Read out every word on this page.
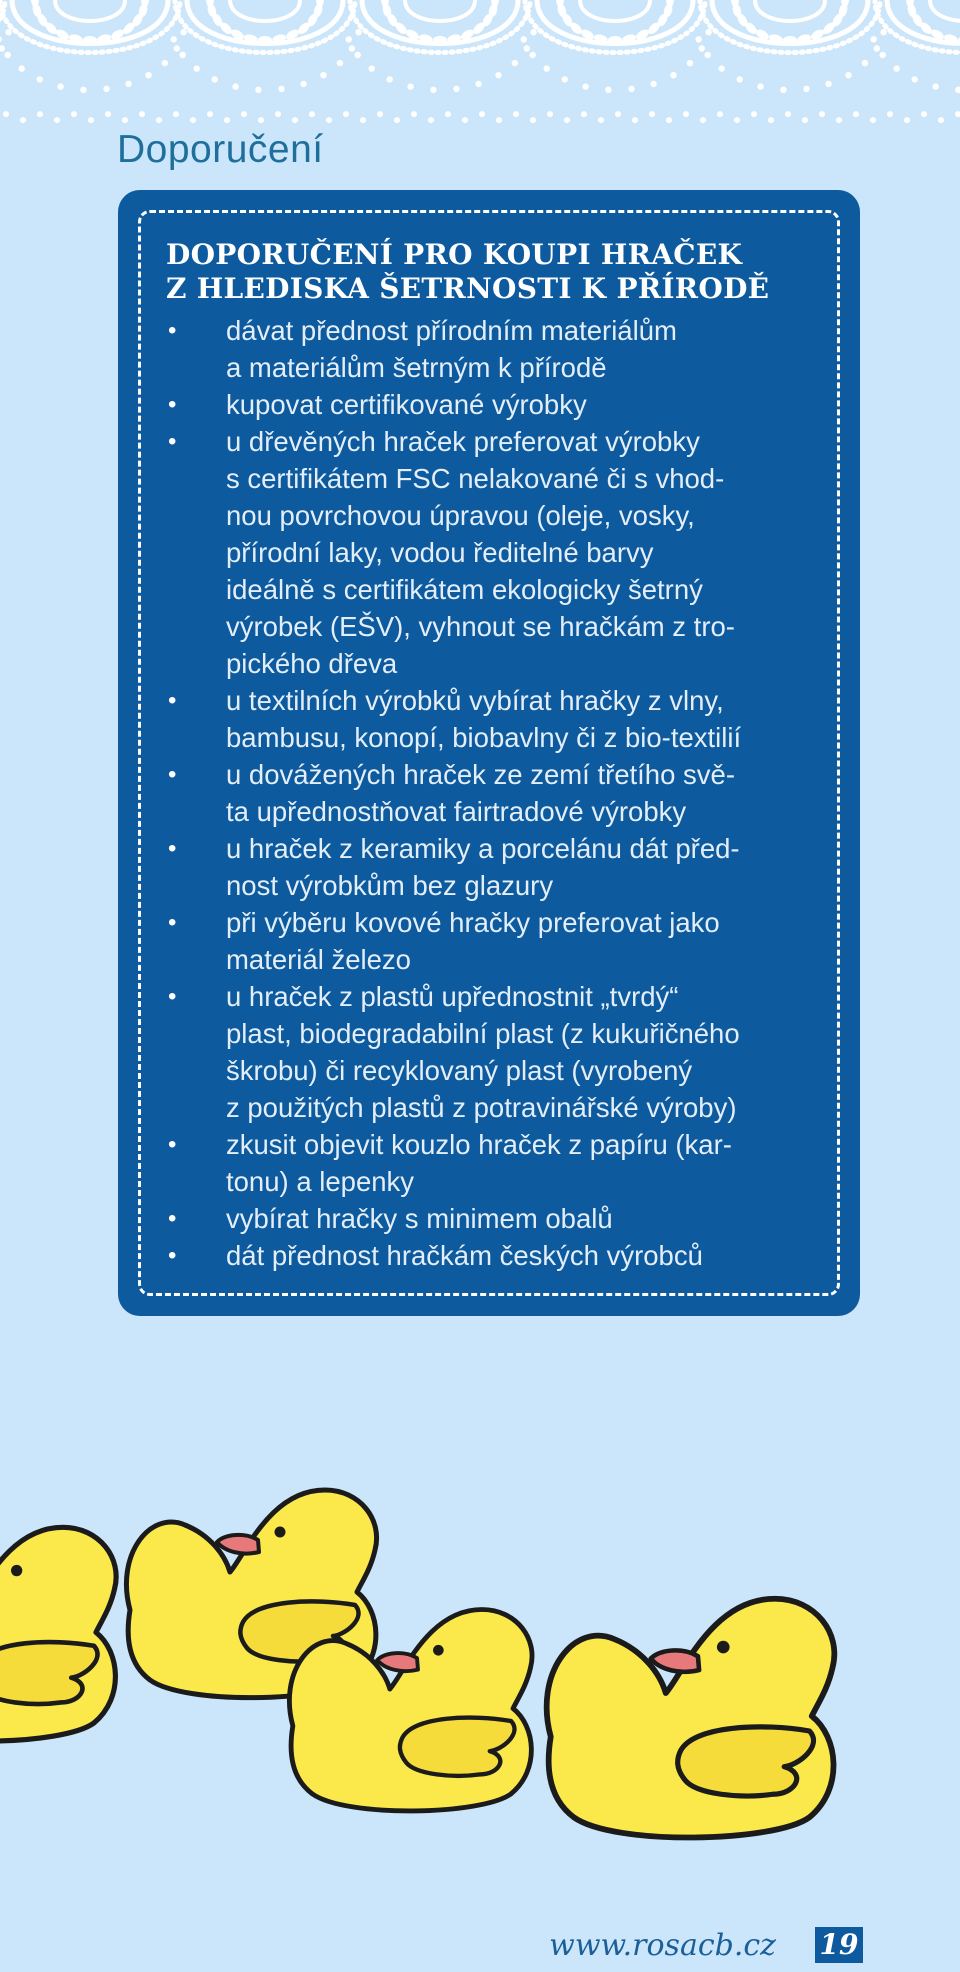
Doporučení
DOPORUČENÍ PRO KOUPI HRAČEK
Z HLEDISKA ŠETRNOSTI K PŘÍRODĚ
• dávat přednost přírodním materiálům
a materiálům šetrným k přírodě
• kupovat certifikované výrobky
• u dřevěných hraček preferovat výrobky
s certifikátem FSC nelakované či s vhod-
nou povrchovou úpravou (oleje, vosky,
přírodní laky, vodou ředitelné barvy
ideálně s certifikátem ekologicky šetrný
výrobek (EŠV), vyhnout se hračkám z tro-
pického dřeva
• u textilních výrobků vybírat hračky z vlny,
bambusu, konopí, biobavlny či z bio-textilií
• u dovážených hraček ze zemí třetího svě-
ta upřednostňovat fairtradové výrobky
• u hraček z keramiky a porcelánu dát před-
nost výrobkům bez glazury
• při výběru kovové hračky preferovat jako
materiál železo
• u hraček z plastů upřednostnit „tvrdý“
plast, biodegradabilní plast (z kukuřičného
škrobu) či recyklovaný plast (vyrobený
z použitých plastů z potravinářské výroby)
• zkusit objevit kouzlo hraček z papíru (kar-
tonu) a lepenky
• vybírat hračky s minimem obalů
• dát přednost hračkám českých výrobců
www.rosacb.cz 19
